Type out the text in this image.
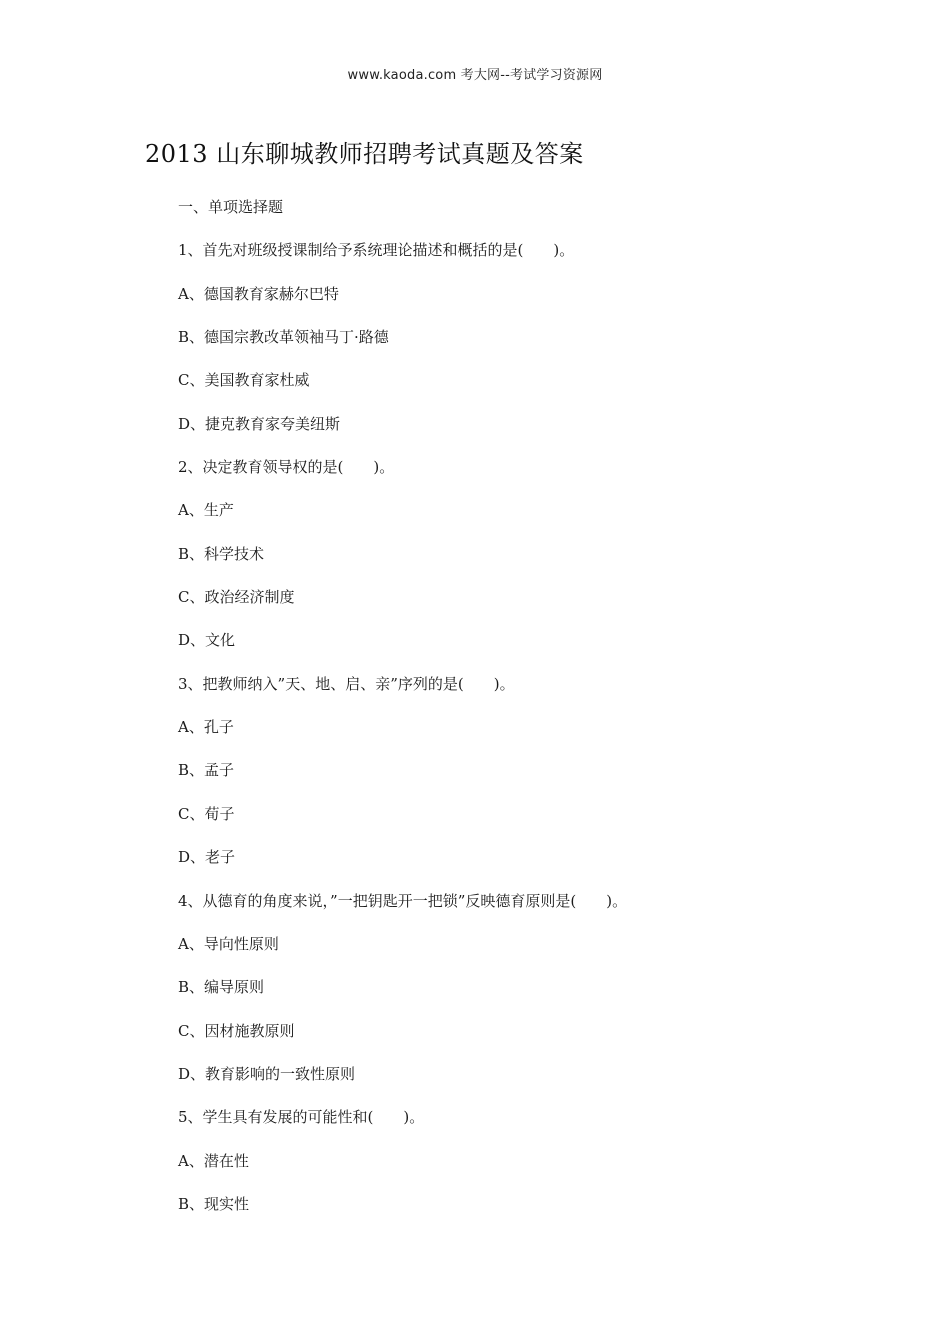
www.kaoda.com 考大网--考试学习资源网
2013 山东聊城教师招聘考试真题及答案
一、单项选择题
1、首先对班级授课制给予系统理论描述和概括的是(　　)。
A、德国教育家赫尔巴特
B、德国宗教改革领袖马丁·路德
C、美国教育家杜威
D、捷克教育家夸美纽斯
2、决定教育领导权的是(　　)。
A、生产
B、科学技术
C、政治经济制度
D、文化
3、把教师纳入”天、地、启、亲”序列的是(　　)。
A、孔子
B、孟子
C、荀子
D、老子
4、从德育的角度来说，”一把钥匙开一把锁”反映德育原则是(　　)。
A、导向性原则
B、编导原则
C、因材施教原则
D、教育影响的一致性原则
5、学生具有发展的可能性和(　　)。
A、潜在性
B、现实性
